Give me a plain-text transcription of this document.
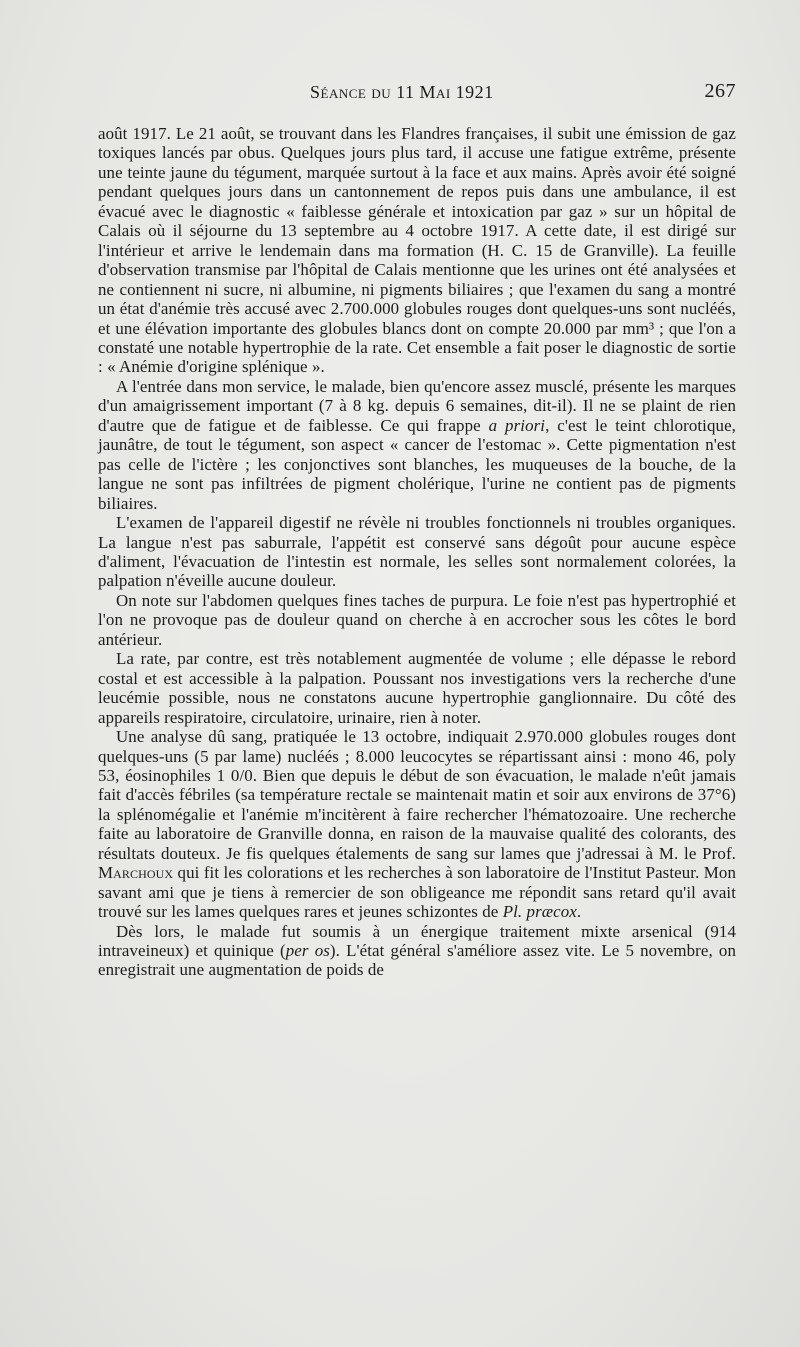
Séance du 11 Mai 1921	267

août 1917. Le 21 août, se trouvant dans les Flandres françaises, il subit une émission de gaz toxiques lancés par obus. Quelques jours plus tard, il accuse une fatigue extrême, présente une teinte jaune du tégument, marquée surtout à la face et aux mains. Après avoir été soigné pendant quelques jours dans un cantonnement de repos puis dans une ambulance, il est évacué avec le diagnostic « faiblesse générale et intoxication par gaz » sur un hôpital de Calais où il séjourne du 13 septembre au 4 octobre 1917. A cette date, il est dirigé sur l'intérieur et arrive le lendemain dans ma formation (H. C. 15 de Granville). La feuille d'observation transmise par l'hôpital de Calais mentionne que les urines ont été analysées et ne contiennent ni sucre, ni albumine, ni pigments biliaires ; que l'examen du sang a montré un état d'anémie très accusé avec 2.700.000 globules rouges dont quelques-uns sont nucléés, et une élévation importante des globules blancs dont on compte 20.000 par mm³ ; que l'on a constaté une notable hypertrophie de la rate. Cet ensemble a fait poser le diagnostic de sortie : « Anémie d'origine splénique ».

A l'entrée dans mon service, le malade, bien qu'encore assez musclé, présente les marques d'un amaigrissement important (7 à 8 kg. depuis 6 semaines, dit-il). Il ne se plaint de rien d'autre que de fatigue et de faiblesse. Ce qui frappe a priori, c'est le teint chlorotique, jaunâtre, de tout le tégument, son aspect « cancer de l'estomac ». Cette pigmentation n'est pas celle de l'ictère ; les conjonctives sont blanches, les muqueuses de la bouche, de la langue ne sont pas infiltrées de pigment cholérique, l'urine ne contient pas de pigments biliaires.

L'examen de l'appareil digestif ne révèle ni troubles fonctionnels ni troubles organiques. La langue n'est pas saburrale, l'appétit est conservé sans dégoût pour aucune espèce d'aliment, l'évacuation de l'intestin est normale, les selles sont normalement colorées, la palpation n'éveille aucune douleur.

On note sur l'abdomen quelques fines taches de purpura. Le foie n'est pas hypertrophié et l'on ne provoque pas de douleur quand on cherche à en accrocher sous les côtes le bord antérieur.

La rate, par contre, est très notablement augmentée de volume ; elle dépasse le rebord costal et est accessible à la palpation. Poussant nos investigations vers la recherche d'une leucémie possible, nous ne constatons aucune hypertrophie ganglionnaire. Du côté des appareils respiratoire, circulatoire, urinaire, rien à noter.

Une analyse dû sang, pratiquée le 13 octobre, indiquait 2.970.000 globules rouges dont quelques-uns (5 par lame) nucléés ; 8.000 leucocytes se répartissant ainsi : mono 46, poly 53, éosinophiles 1 0/0. Bien que depuis le début de son évacuation, le malade n'eût jamais fait d'accès fébriles (sa température rectale se maintenait matin et soir aux environs de 37°6) la splénomégalie et l'anémie m'incitèrent à faire rechercher l'hématozoaire. Une recherche faite au laboratoire de Granville donna, en raison de la mauvaise qualité des colorants, des résultats douteux. Je fis quelques étalements de sang sur lames que j'adressai à M. le Prof. Marchoux qui fit les colorations et les recherches à son laboratoire de l'Institut Pasteur. Mon savant ami que je tiens à remercier de son obligeance me répondit sans retard qu'il avait trouvé sur les lames quelques rares et jeunes schizontes de Pl. præcox.

Dès lors, le malade fut soumis à un énergique traitement mixte arsenical (914 intraveineux) et quinique (per os). L'état général s'améliore assez vite. Le 5 novembre, on enregistrait une augmentation de poids de
